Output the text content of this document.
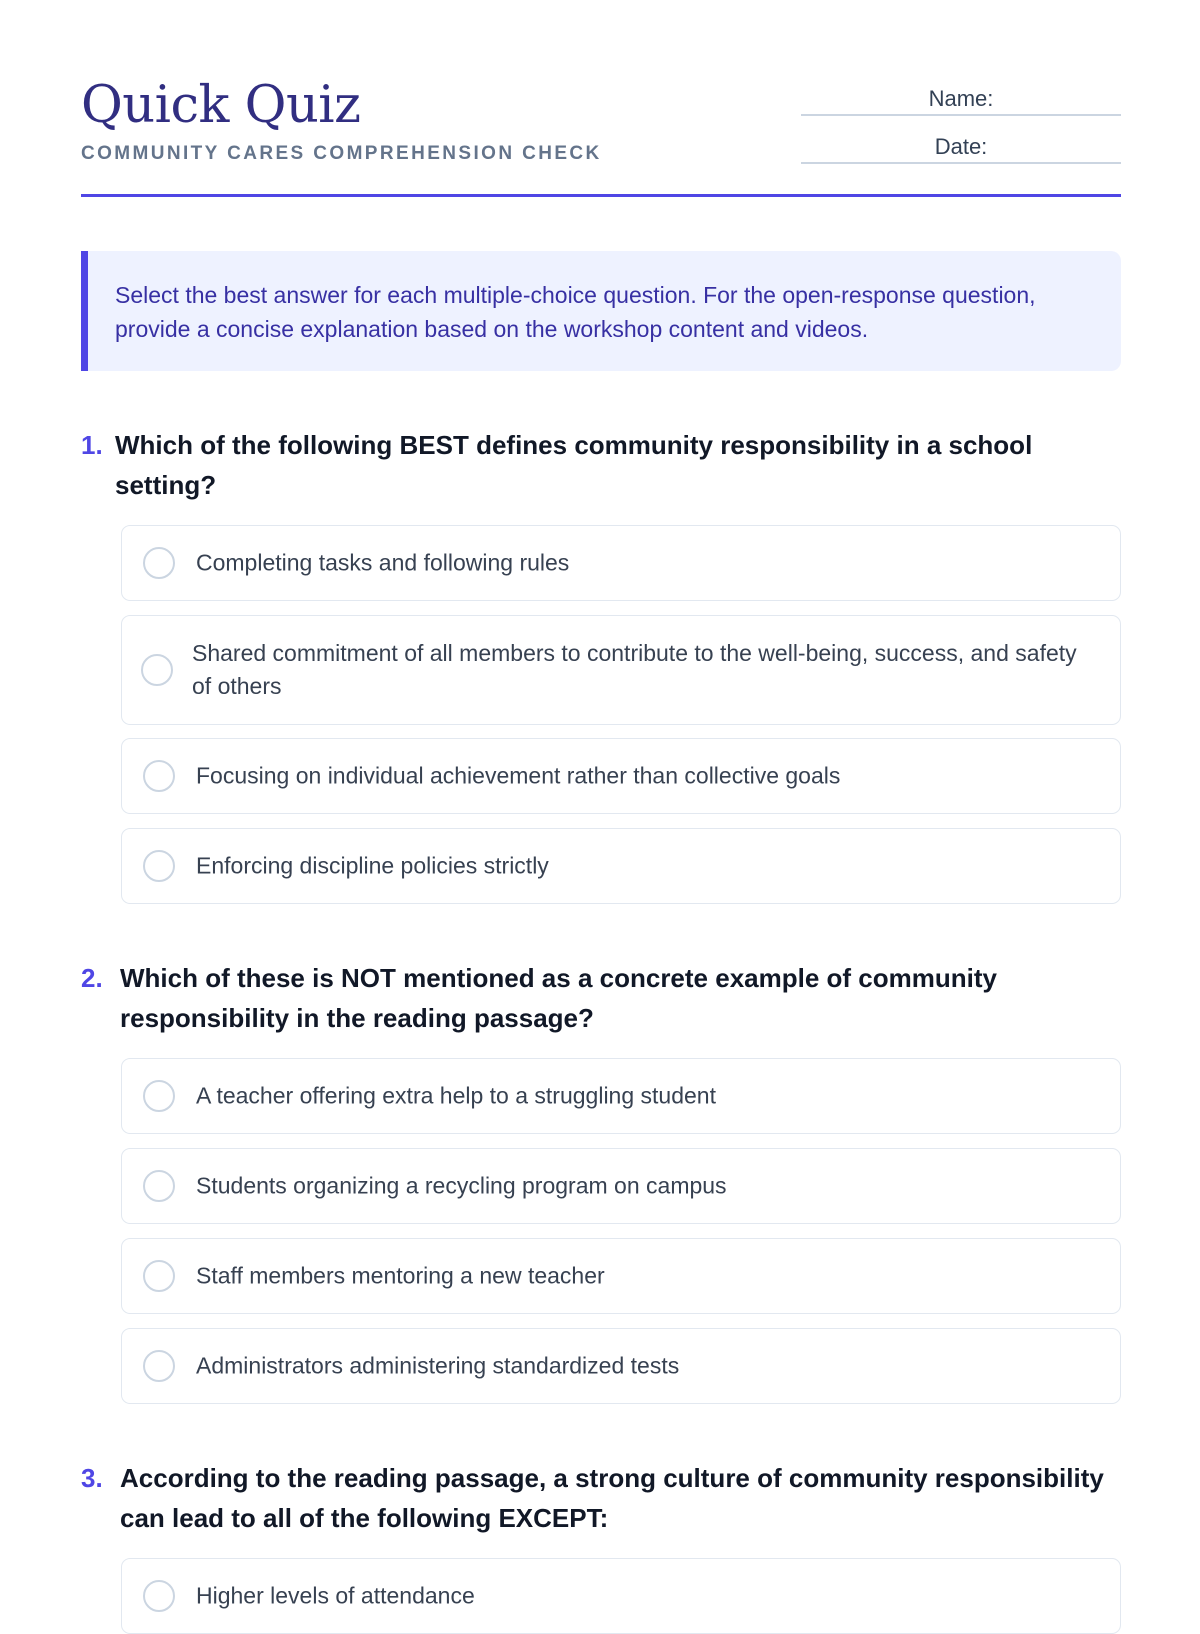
Quick Quiz
COMMUNITY CARES COMPREHENSION CHECK
Name:
Date:
Select the best answer for each multiple-choice question. For the open-response question, provide a concise explanation based on the workshop content and videos.
1. Which of the following BEST defines community responsibility in a school setting?
Completing tasks and following rules
Shared commitment of all members to contribute to the well-being, success, and safety of others
Focusing on individual achievement rather than collective goals
Enforcing discipline policies strictly
2. Which of these is NOT mentioned as a concrete example of community responsibility in the reading passage?
A teacher offering extra help to a struggling student
Students organizing a recycling program on campus
Staff members mentoring a new teacher
Administrators administering standardized tests
3. According to the reading passage, a strong culture of community responsibility can lead to all of the following EXCEPT:
Higher levels of attendance
